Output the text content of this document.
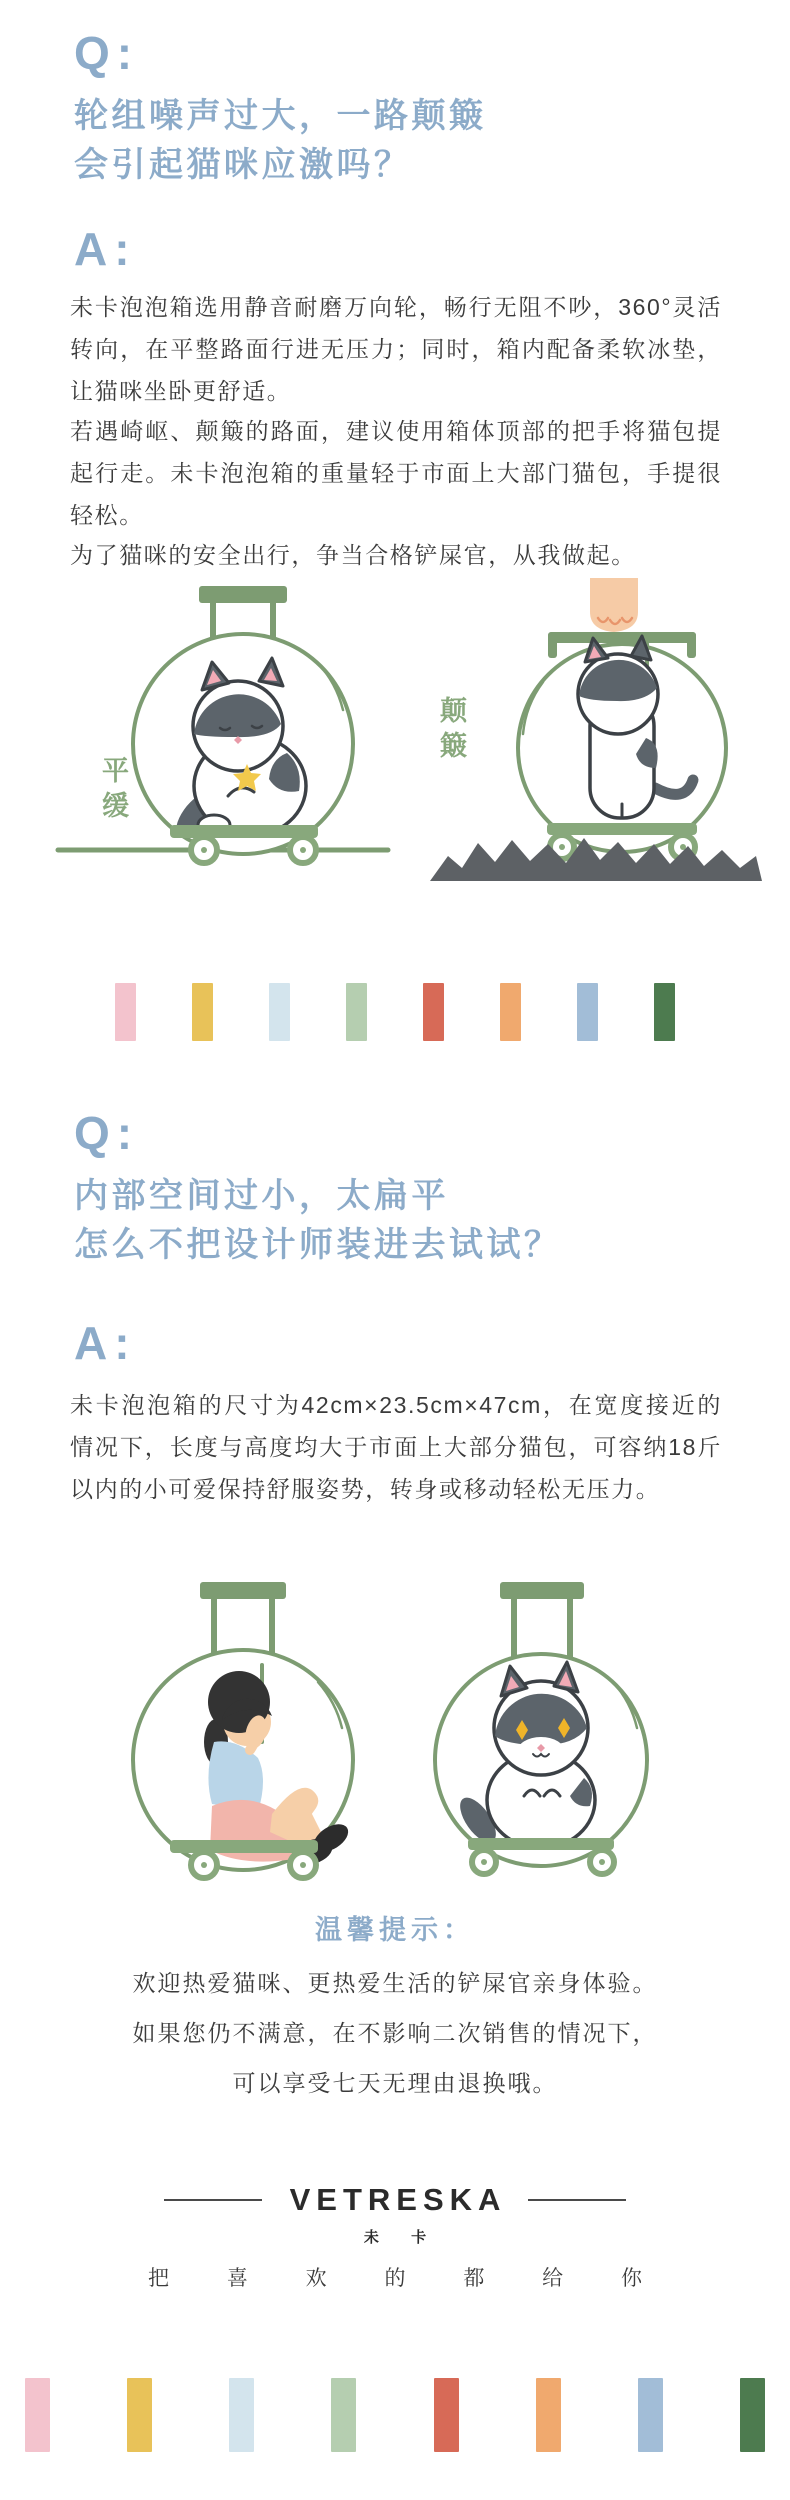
Q:
轮组噪声过大，一路颠簸
会引起猫咪应激吗？
A:

未卡泡泡箱选用静音耐磨万向轮，畅行无阻不吵，360°灵活转向，在平整路面行进无压力；同时，箱内配备柔软冰垫，让猫咪坐卧更舒适。

若遇崎岖、颠簸的路面，建议使用箱体顶部的把手将猫包提起行走。未卡泡泡箱的重量轻于市面上大部门猫包，手提很轻松。

为了猫咪的安全出行，争当合格铲屎官，从我做起。

平缓
颠簸
Q:
内部空间过小，太扁平
怎么不把设计师装进去试试？
A:

未卡泡泡箱的尺寸为42cm×23.5cm×47cm，在宽度接近的情况下，长度与高度均大于市面上大部分猫包，可容纳18斤以内的小可爱保持舒服姿势，转身或移动轻松无压力。

温馨提示：
欢迎热爱猫咪、更热爱生活的铲屎官亲身体验。
如果您仍不满意，在不影响二次销售的情况下，
可以享受七天无理由退换哦。
VETRESKA
未 卡
把 喜 欢 的 都 给 你
